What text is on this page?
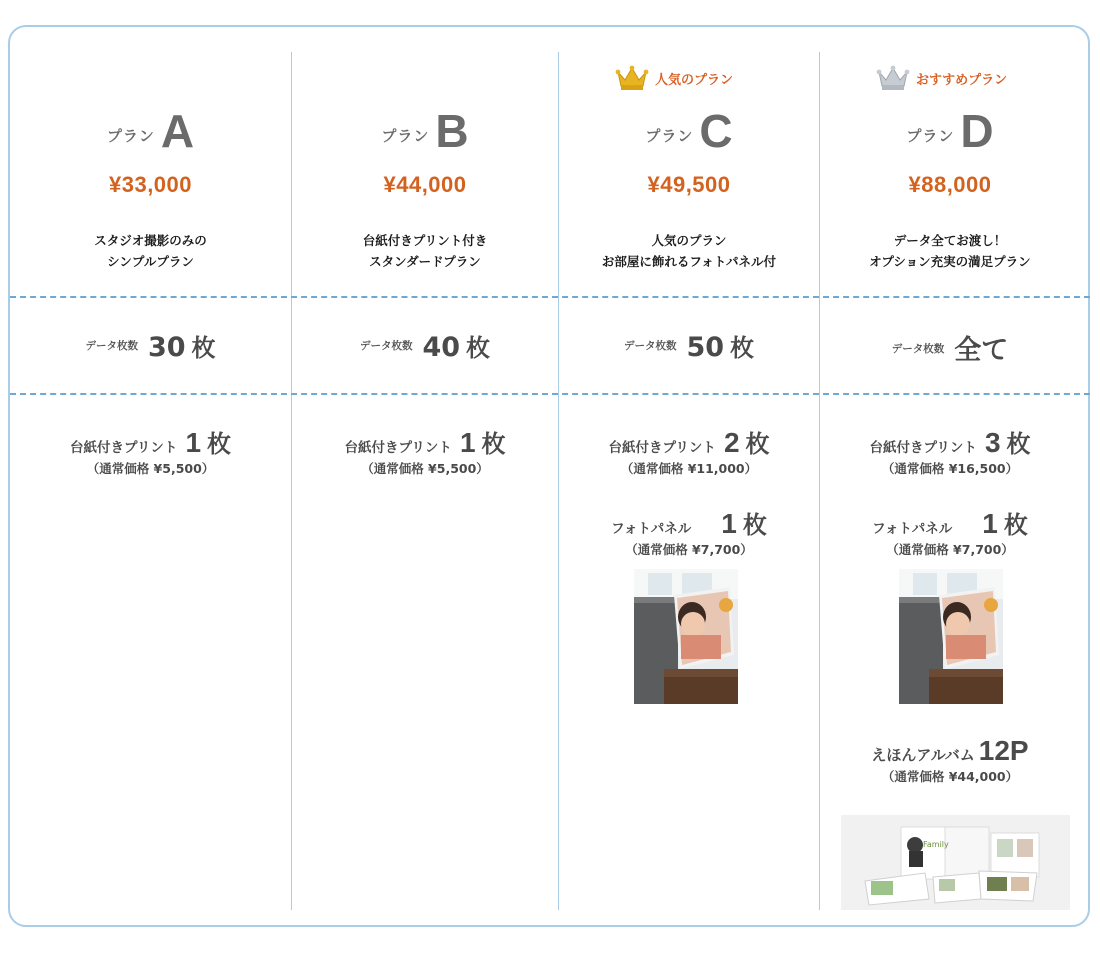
プラン A
¥33,000
スタジオ撮影のみの
シンプルプラン
$^{データ枚数}$ 30 枚
台紙付きプリント 1 枚
（通常価格 ¥5,500）
プラン B
¥44,000
台紙付きプリント付き
スタンダードプラン
$^{データ枚数}$ 40 枚
台紙付きプリント 1 枚
（通常価格 ¥5,500）
人気のプラン
プラン C
¥49,500
人気のプラン
お部屋に飾れるフォトパネル付
$^{データ枚数}$ 50 枚
台紙付きプリント 2 枚
（通常価格 ¥11,000）
フォトパネル 1 枚
（通常価格 ¥7,700）
おすすめプラン
プラン D
¥88,000
データ全てお渡し！
オプション充実の満足プラン
$^{データ枚数}$ 全て
台紙付きプリント 3 枚
（通常価格 ¥16,500）
フォトパネル 1 枚
（通常価格 ¥7,700）
えほんアルバム 12P
（通常価格 ¥44,000）
Family
